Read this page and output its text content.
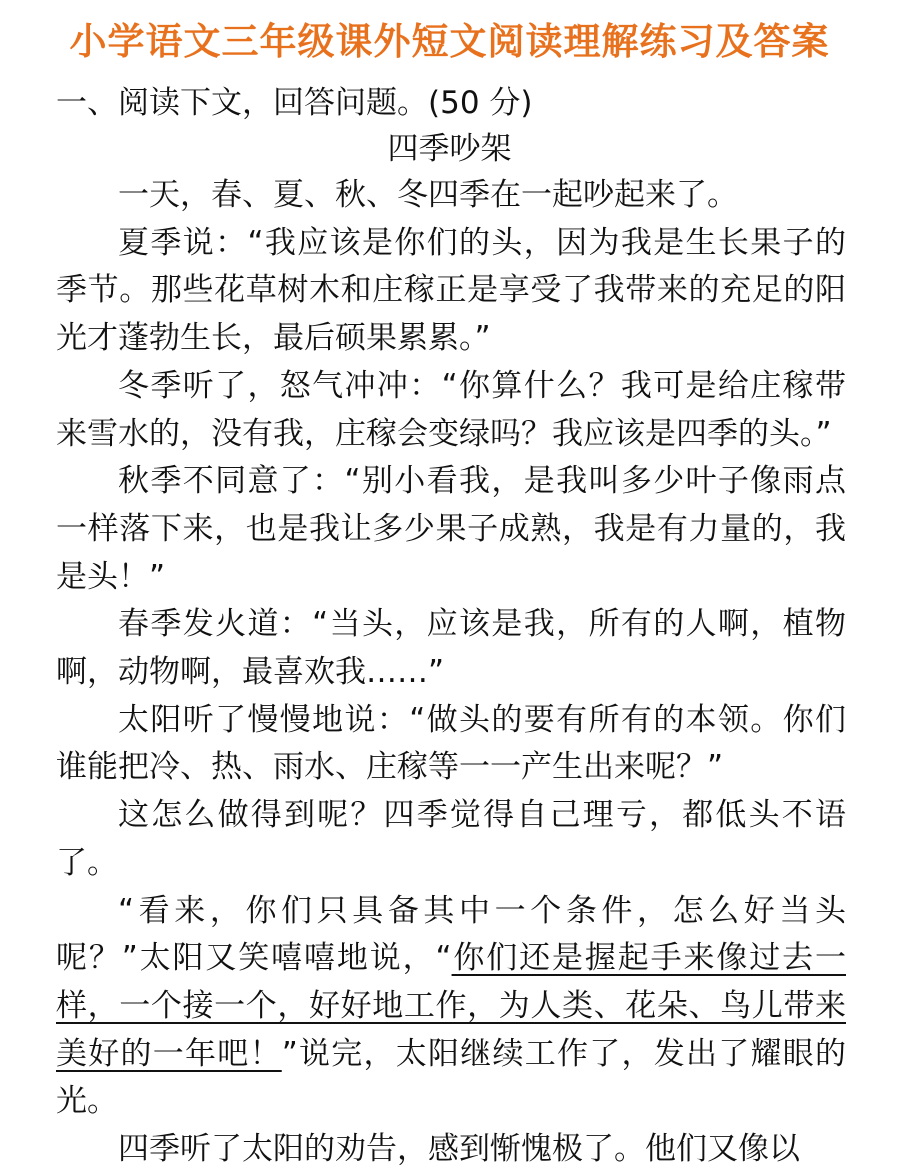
小学语文三年级课外短文阅读理解练习及答案
一、阅读下文，回答问题。(50 分)
四季吵架

一天，春、夏、秋、冬四季在一起吵起来了。

夏季说：“我应该是你们的头，因为我是生长果子的季节。那些花草树木和庄稼正是享受了我带来的充足的阳光才蓬勃生长，最后硕果累累。”

冬季听了，怒气冲冲：“你算什么？我可是给庄稼带来雪水的，没有我，庄稼会变绿吗？我应该是四季的头。”

秋季不同意了：“别小看我，是我叫多少叶子像雨点一样落下来，也是我让多少果子成熟，我是有力量的，我是头！”

春季发火道：“当头，应该是我，所有的人啊，植物啊，动物啊，最喜欢我……”

太阳听了慢慢地说：“做头的要有所有的本领。你们谁能把冷、热、雨水、庄稼等一一产生出来呢？”

这怎么做得到呢？四季觉得自己理亏，都低头不语了。

“看来，你们只具备其中一个条件，怎么好当头呢？”太阳又笑嘻嘻地说，“你们还是握起手来像过去一样，一个接一个，好好地工作，为人类、花朵、鸟儿带来美好的一年吧！”说完，太阳继续工作了，发出了耀眼的光。

四季听了太阳的劝告，感到惭愧极了。他们又像以
